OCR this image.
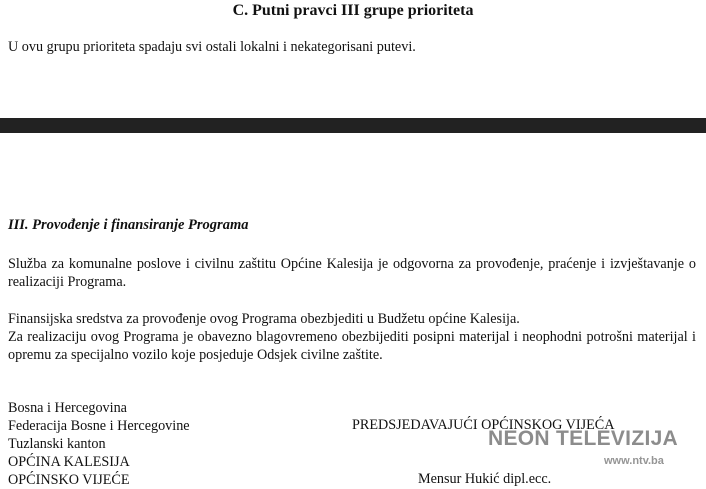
C. Putni pravci III grupe prioriteta
U ovu grupu prioriteta spadaju svi ostali lokalni i nekategorisani putevi.
III. Provođenje i finansiranje Programa
Služba za komunalne poslove i civilnu zaštitu Općine Kalesija je odgovorna za provođenje, praćenje i izvještavanje o realizaciji Programa.
Finansijska sredstva za provođenje ovog Programa obezbjediti u Budžetu općine Kalesija.
Za realizaciju ovog Programa je obavezno blagovremeno obezbijediti posipni materijal i neophodni potrošni materijal i opremu za specijalno vozilo koje posjeduje Odsjek civilne zaštite.
Bosna i Hercegovina
Federacija Bosne i Hercegovine
Tuzlanski kanton
OPĆINA KALESIJA
OPĆINSKO VIJEĆE
PREDSJEDAVAJUĆI OPĆINSKOG VIJEĆA
Mensur Hukić dipl.ecc.
NEON TELEVIZIJA
www.ntv.ba
